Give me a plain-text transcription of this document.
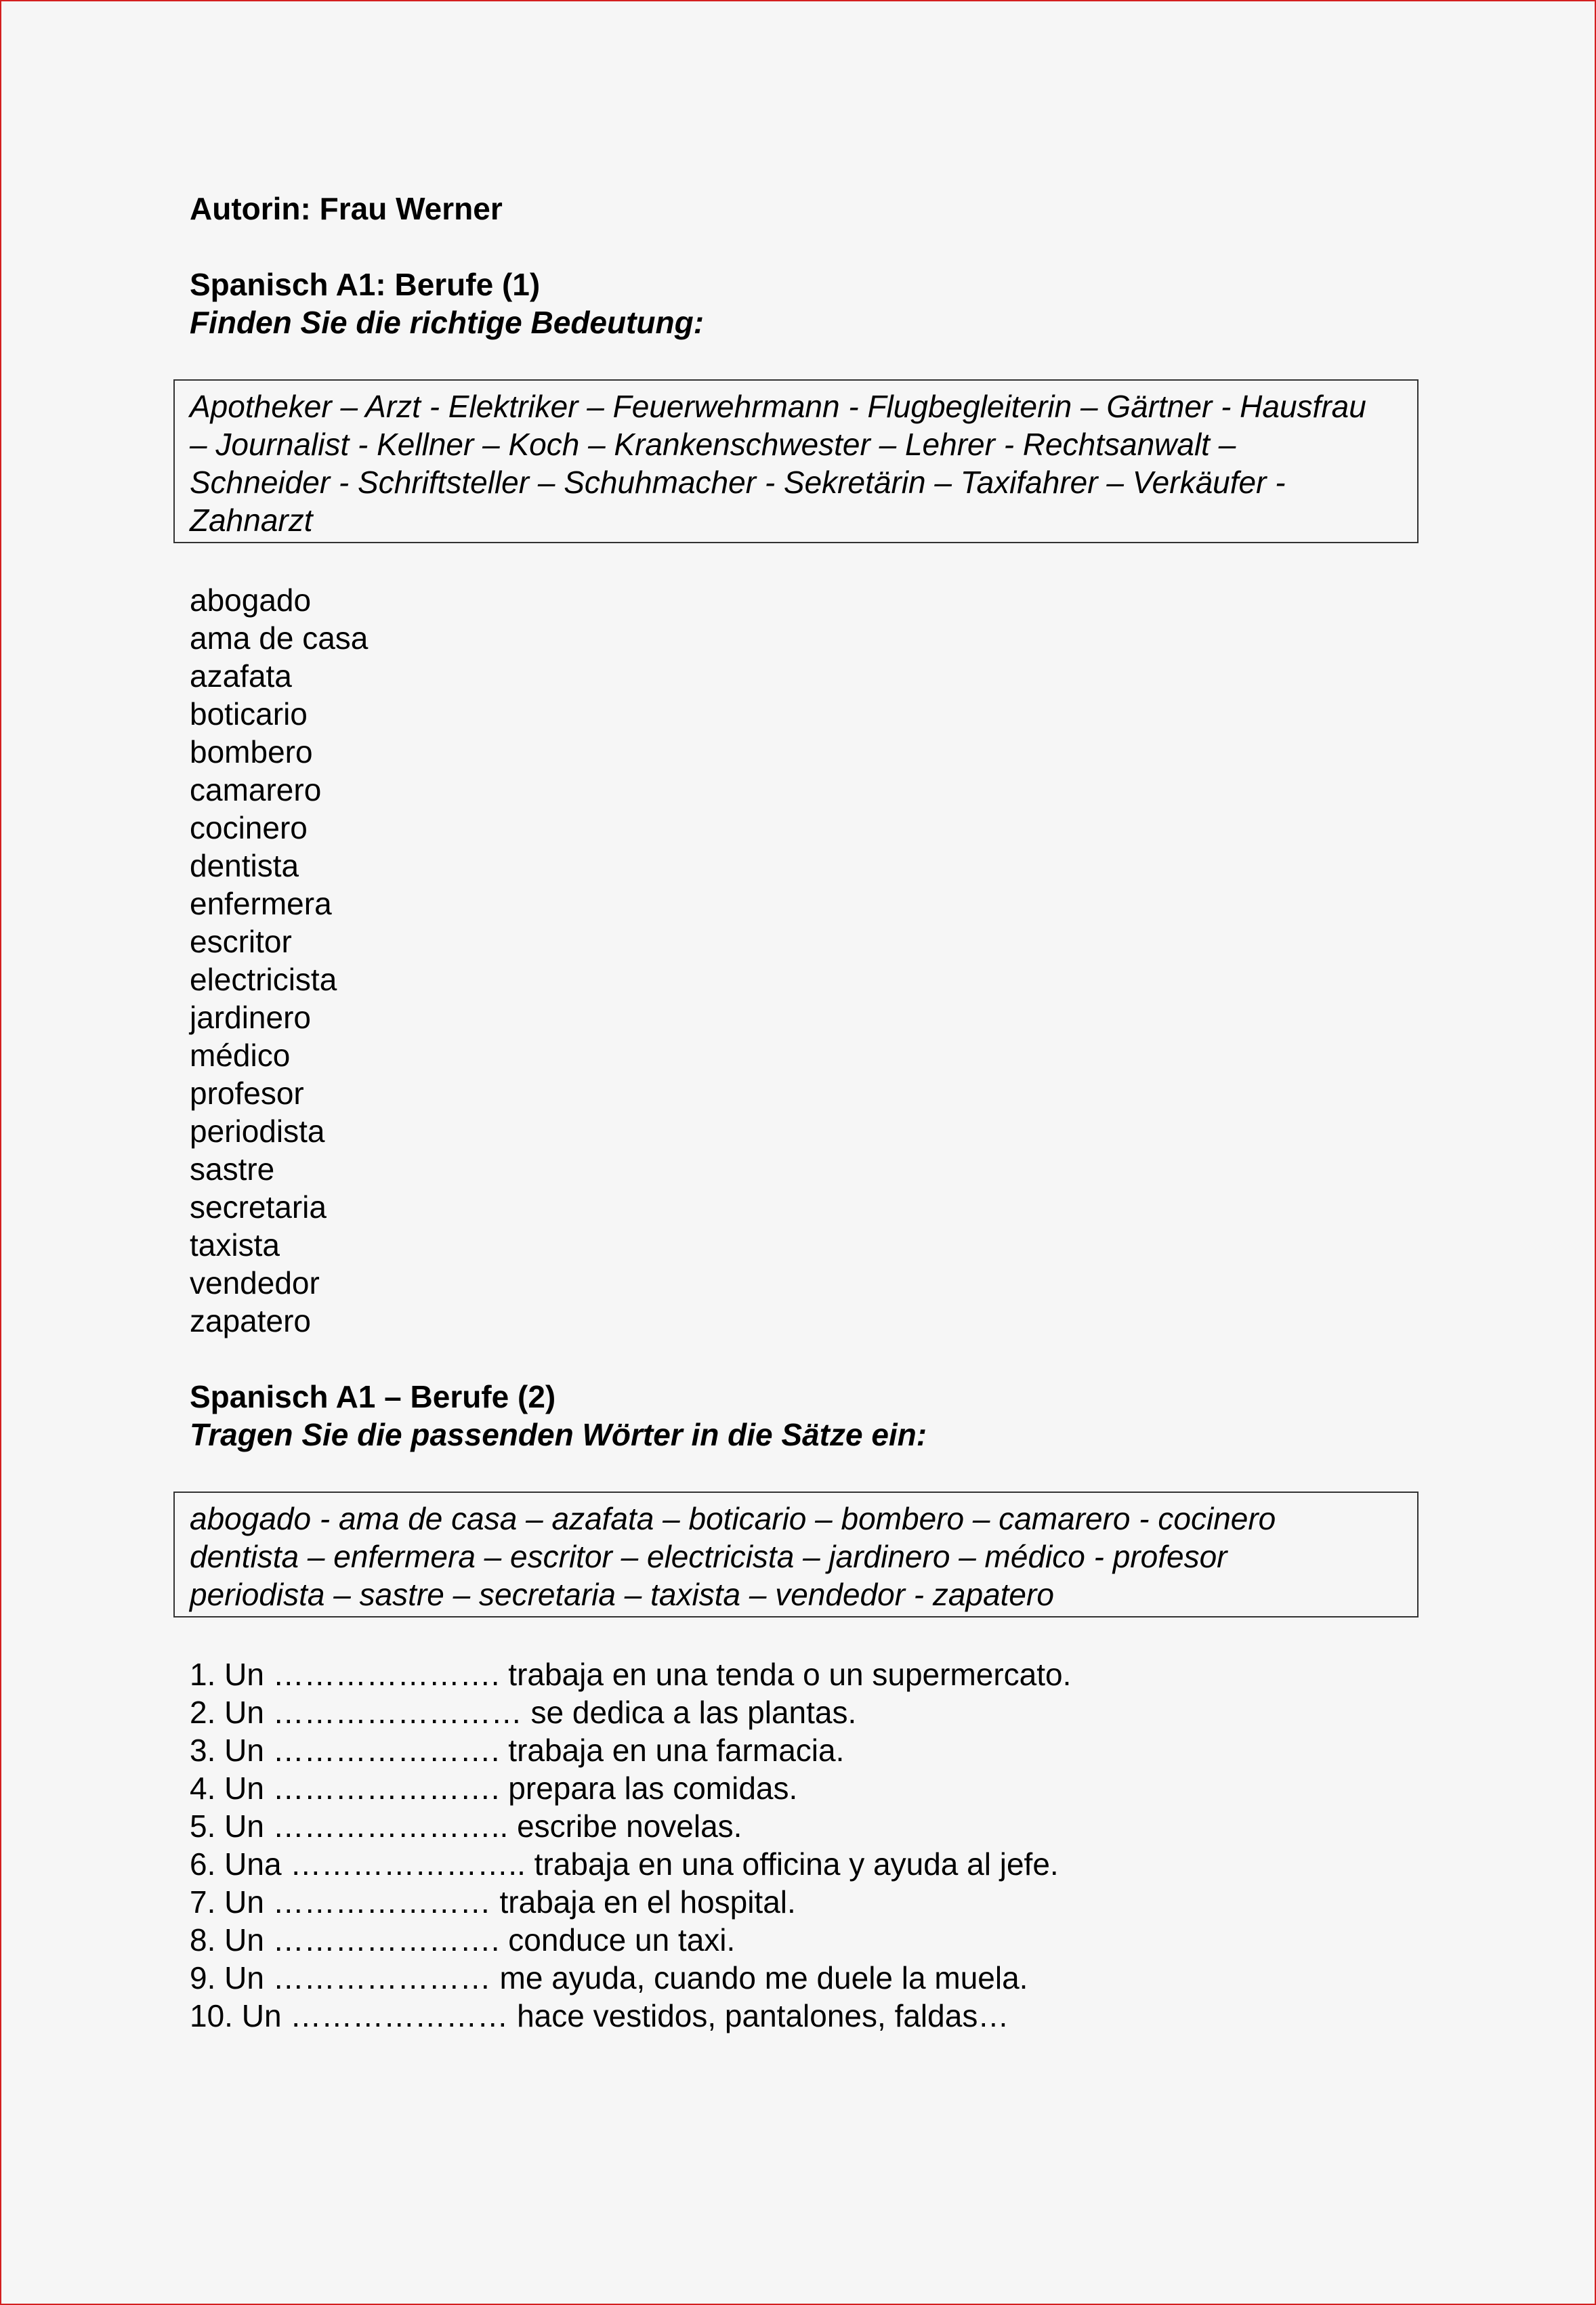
Autorin: Frau Werner
Spanisch A1: Berufe (1)
Finden Sie die richtige Bedeutung:
Apotheker – Arzt - Elektriker – Feuerwehrmann - Flugbegleiterin – Gärtner - Hausfrau
– Journalist - Kellner – Koch – Krankenschwester – Lehrer - Rechtsanwalt –
Schneider - Schriftsteller – Schuhmacher - Sekretärin – Taxifahrer – Verkäufer -
Zahnarzt
abogado
ama de casa
azafata
boticario
bombero
camarero
cocinero
dentista
enfermera
escritor
electricista
jardinero
médico
profesor
periodista
sastre
secretaria
taxista
vendedor
zapatero
Spanisch A1 – Berufe (2)
Tragen Sie die passenden Wörter in die Sätze ein:
abogado - ama de casa – azafata – boticario – bombero – camarero - cocinero
dentista – enfermera – escritor – electricista – jardinero – médico - profesor
periodista – sastre – secretaria – taxista – vendedor - zapatero
1. Un …………………. trabaja en una tenda o un supermercato.
2. Un …………………… se dedica a las plantas.
3. Un …………………. trabaja en una farmacia.
4. Un …………………. prepara las comidas.
5. Un ………………….. escribe novelas.
6. Una ………………….. trabaja en una officina y ayuda al jefe.
7. Un ………………… trabaja en el hospital.
8. Un …………………. conduce un taxi.
9. Un ………………… me ayuda, cuando me duele la muela.
10. Un ………………… hace vestidos, pantalones, faldas…
